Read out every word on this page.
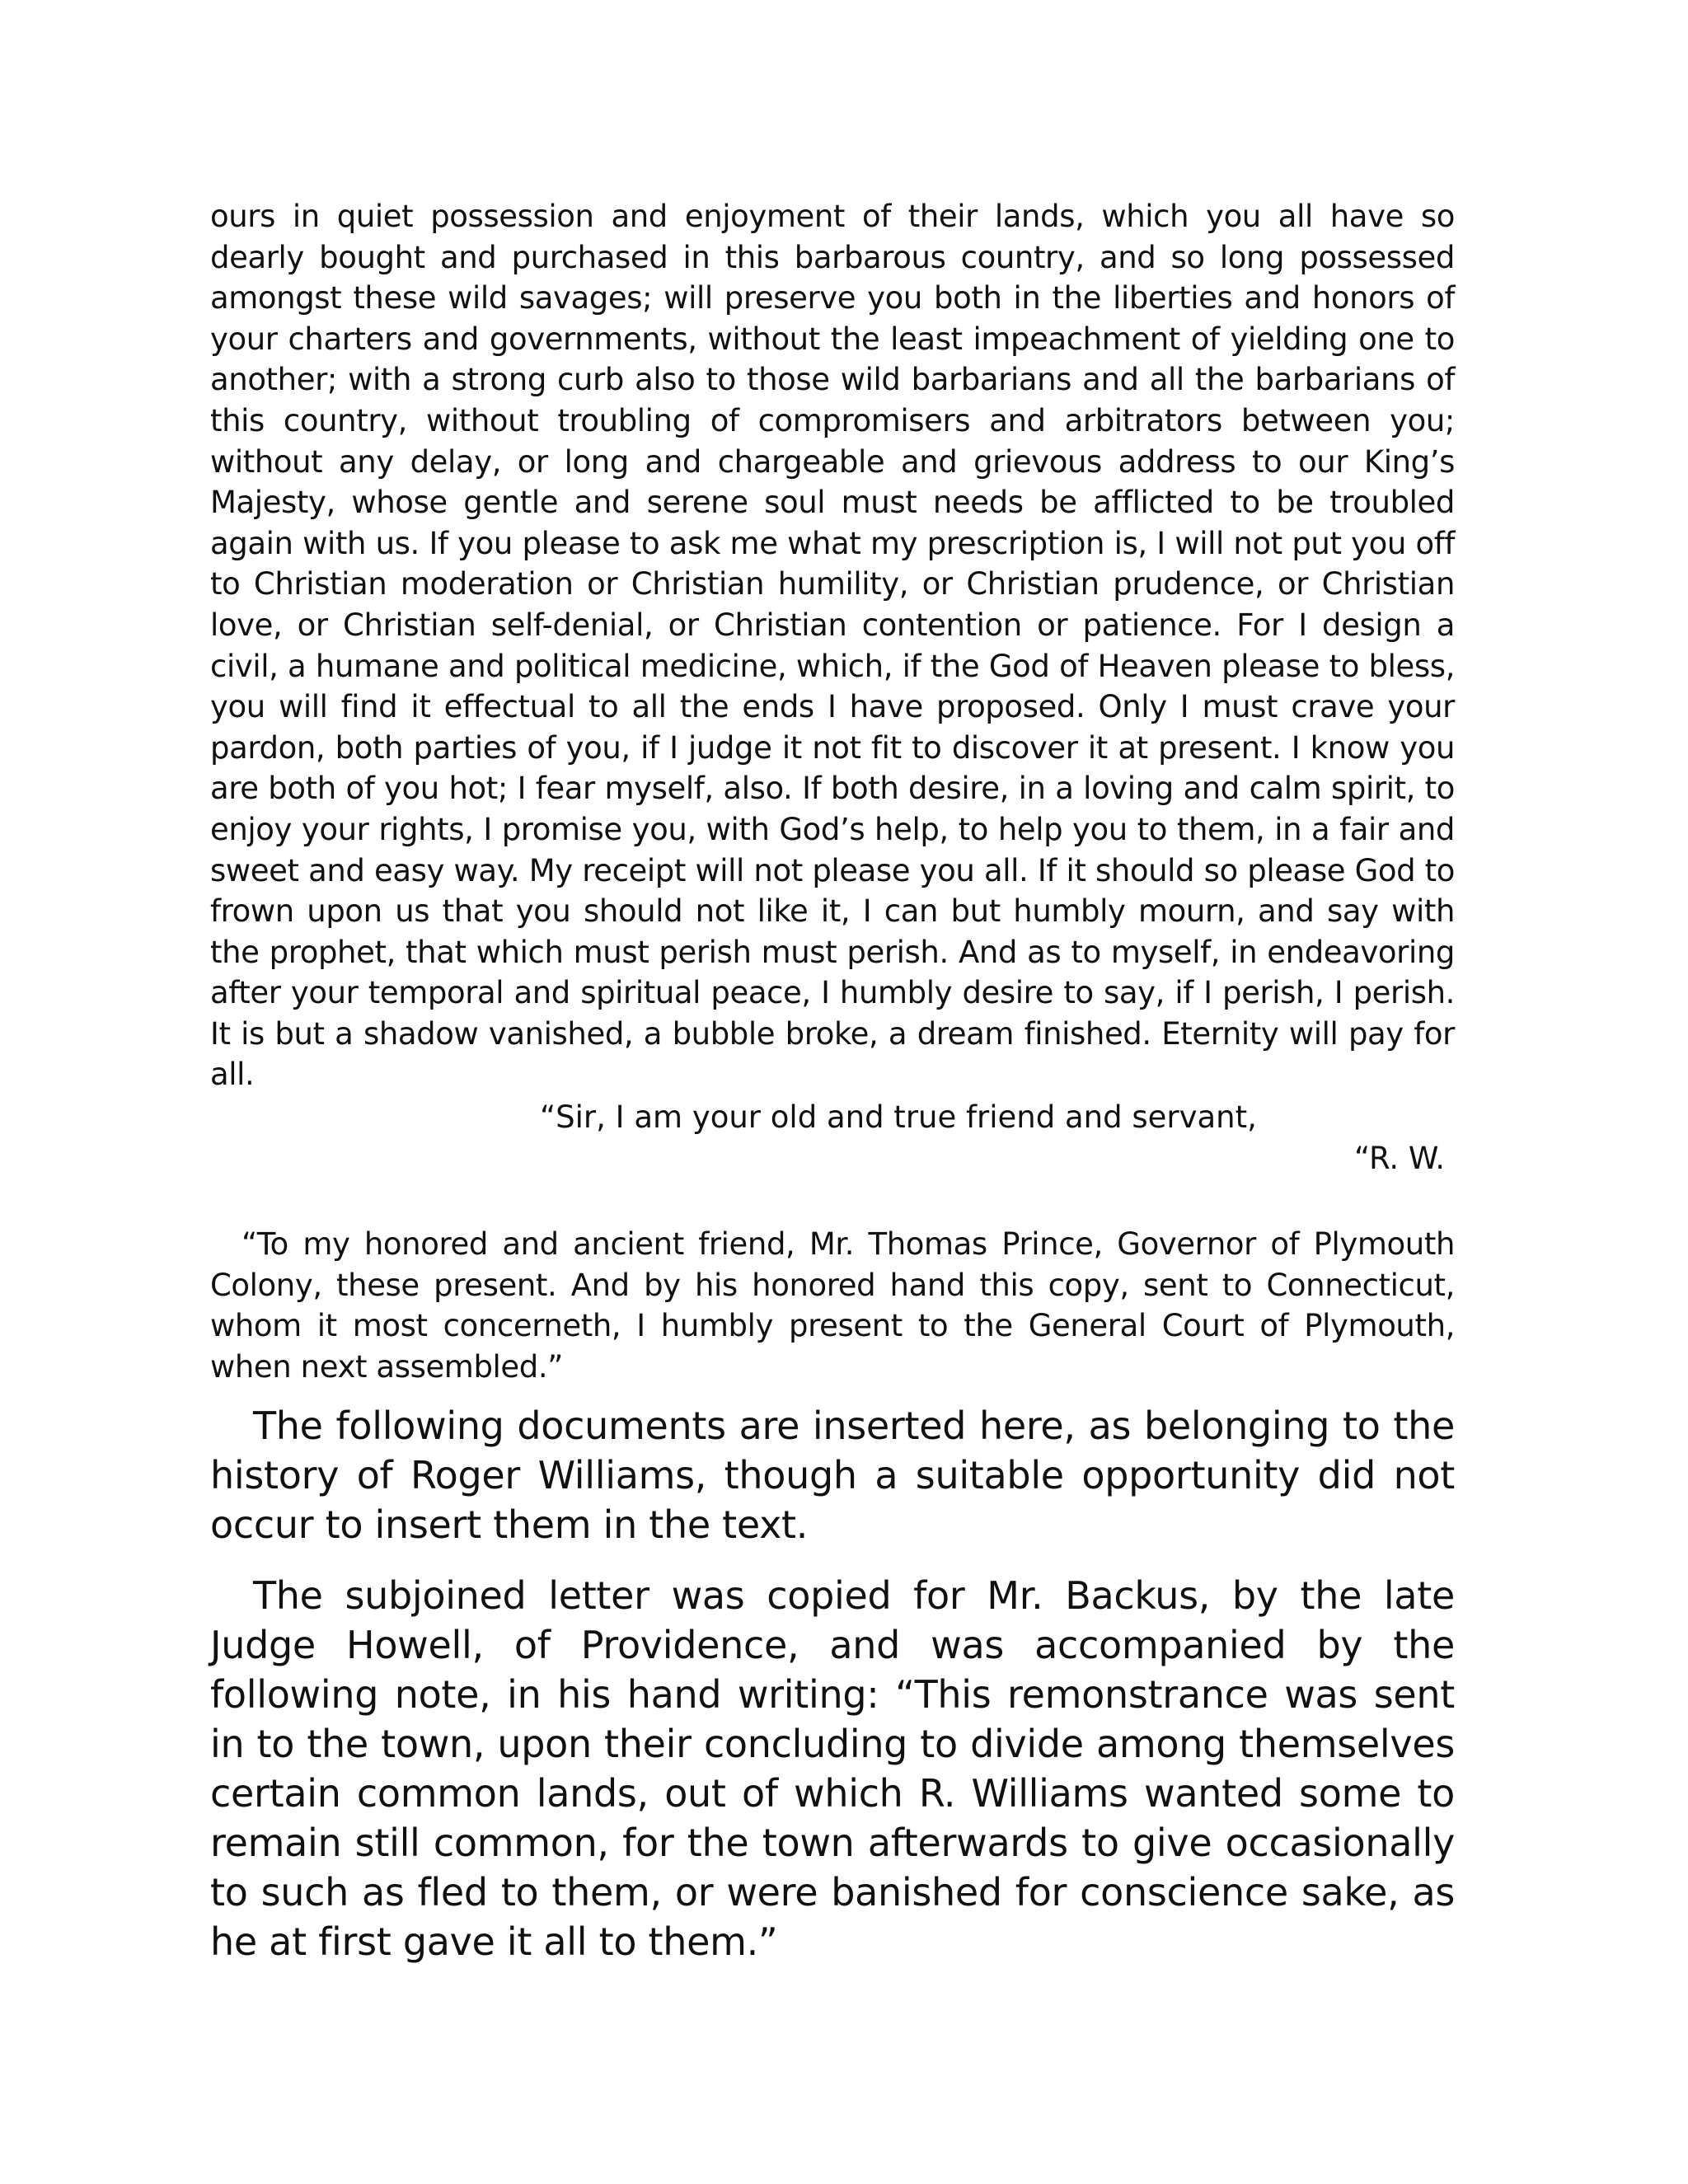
ours in quiet possession and enjoyment of their lands, which you all have so dearly bought and purchased in this barbarous country, and so long possessed amongst these wild savages; will preserve you both in the liberties and honors of your charters and governments, without the least impeachment of yielding one to another; with a strong curb also to those wild barbarians and all the barbarians of this country, without troubling of compromisers and arbitrators between you; without any delay, or long and chargeable and grievous address to our King’s Majesty, whose gentle and serene soul must needs be afflicted to be troubled again with us. If you please to ask me what my prescription is, I will not put you off to Christian moderation or Christian humility, or Christian prudence, or Christian love, or Christian self-denial, or Christian contention or patience. For I design a civil, a humane and political medicine, which, if the God of Heaven please to bless, you will find it effectual to all the ends I have proposed. Only I must crave your pardon, both parties of you, if I judge it not fit to discover it at present. I know you are both of you hot; I fear myself, also. If both desire, in a loving and calm spirit, to enjoy your rights, I promise you, with God’s help, to help you to them, in a fair and sweet and easy way. My receipt will not please you all. If it should so please God to frown upon us that you should not like it, I can but humbly mourn, and say with the prophet, that which must perish must perish. And as to myself, in endeavoring after your temporal and spiritual peace, I humbly desire to say, if I perish, I perish. It is but a shadow vanished, a bubble broke, a dream finished. Eternity will pay for all.

“Sir, I am your old and true friend and servant,

“R. W.

“To my honored and ancient friend, Mr. Thomas Prince, Governor of Plymouth Colony, these present. And by his honored hand this copy, sent to Connecticut, whom it most concerneth, I humbly present to the General Court of Plymouth, when next assembled.”

The following documents are inserted here, as belonging to the history of Roger Williams, though a suitable opportunity did not occur to insert them in the text.

The subjoined letter was copied for Mr. Backus, by the late Judge Howell, of Providence, and was accompanied by the following note, in his hand writing: “This remonstrance was sent in to the town, upon their concluding to divide among themselves certain common lands, out of which R. Williams wanted some to remain still common, for the town afterwards to give occasionally to such as fled to them, or were banished for conscience sake, as he at first gave it all to them.”
